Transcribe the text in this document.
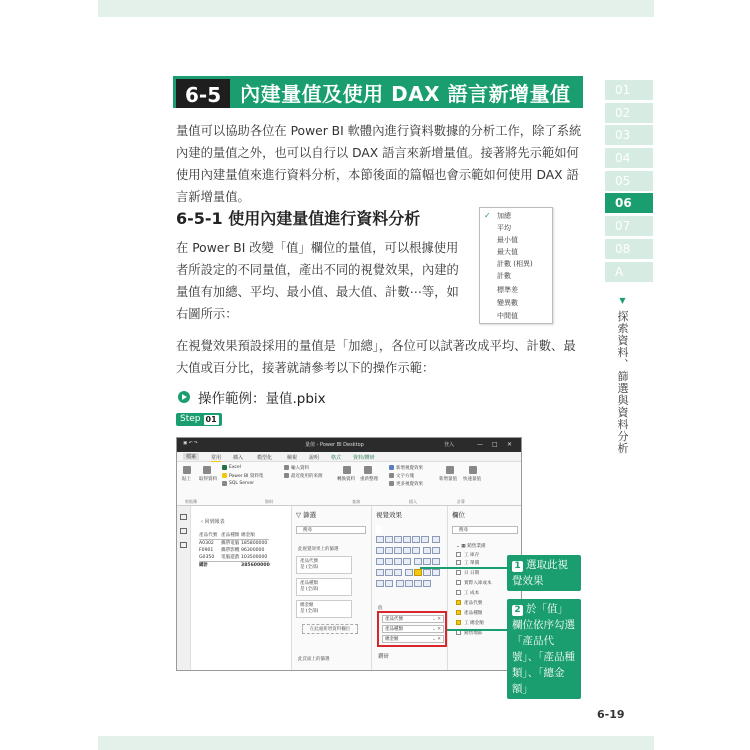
6-5 內建量值及使用 DAX 語言新增量值

量值可以協助各位在 Power BI 軟體內進行資料數據的分析工作，除了系統內建的量值之外，也可以自行以 DAX 語言來新增量值。接著將先示範如何使用內建量值來進行資料分析，本節後面的篇幅也會示範如何使用 DAX 語言新增量值。

6-5-1 使用內建量值進行資料分析

在 Power BI 改變「值」欄位的量值，可以根據使用者所設定的不同量值，產出不同的視覺效果，內建的量值有加總、平均、最小值、最大值、計數⋯等，如右圖所示：

✓ 加總
平均
最小值
最大值
計數 (相異)
計數
標準差
變異數
中間值

在視覺效果預設採用的量值是「加總」，各位可以試著改成平均、計數、最大值或百分比，接著就請參考以下的操作示範：

操作範例：量值.pbix
Step 01
01
02
03
04
05
06
07
08
A
▼ 探索資料、篩選與資料分析
6-19
▣ ↶ ↷	量值 - Power BI Desktop	登入	— □ ✕
檔案	常用 插入	模型化	檢視 說明 格式 資料/鑽研
貼上 取得資料
Excel
Power BI 資料集
SQL Server
輸入資料
最近使用的來源
轉換資料 重新整理
新增視覺效果
文字方塊
更多視覺效果
新增量值 快速量值
剪貼簿	資料	查詢	插入	計算
‹ 回到報表
產品代號 產品種類 總金額
A0302	攜帶電腦 185800000
F0901	攜帶影機 96300000
G0350	電腦遊戲 103500000
總計	385600000
▽ 篩選
搜尋
此視覺效果上的篩選
產品代號
是 (全部)
產品種類
是 (全部)
總金額
是 (全部)
在此處新增資料欄位
此頁面上的篩選
視覺效果

值
鑽研
欄位
搜尋
⌄ ▦ 銷售業績
工 庫存
工 單價
日 日期
實際入庫成本
工 成本
產品代號
產品種類
工 總金額
銷售地區
產品代號	⌄ ✕
產品種類	⌄ ✕
總金額	⌄ ✕
1 選取此視覺效果
2 於「值」欄位依序勾選「產品代號」、「產品種類」、「總金額」
